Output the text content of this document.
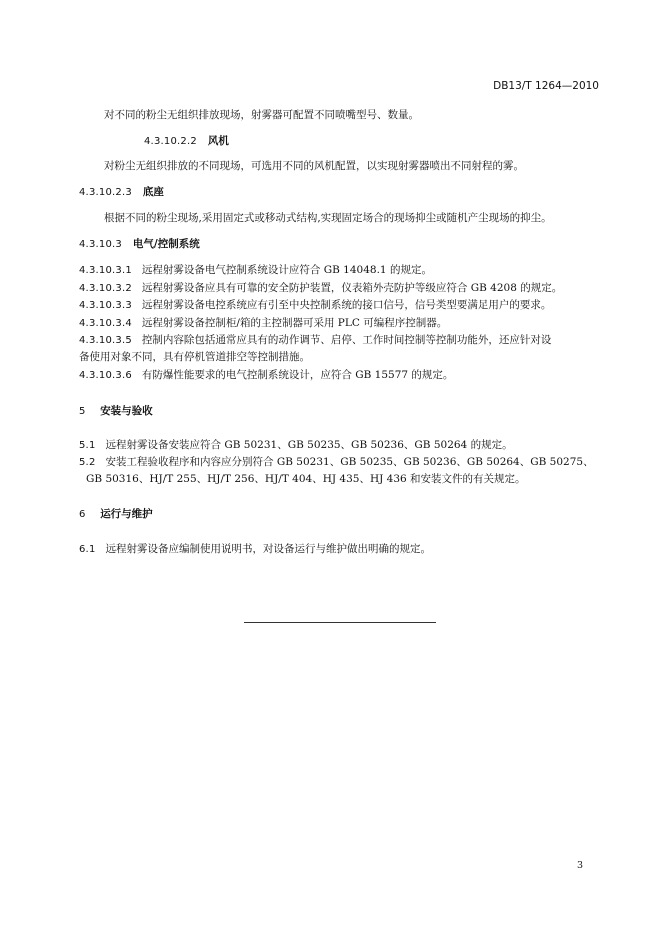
DB13/T 1264—2010
对不同的粉尘无组织排放现场，射雾器可配置不同喷嘴型号、数量。
4.3.10.2.2 风机
对粉尘无组织排放的不同现场，可选用不同的风机配置，以实现射雾器喷出不同射程的雾。
4.3.10.2.3 底座
根据不同的粉尘现场,采用固定式或移动式结构,实现固定场合的现场抑尘或随机产尘现场的抑尘。
4.3.10.3 电气/控制系统
4.3.10.3.1 远程射雾设备电气控制系统设计应符合 GB 14048.1 的规定。
4.3.10.3.2 远程射雾设备应具有可靠的安全防护装置，仪表箱外壳防护等级应符合 GB 4208 的规定。
4.3.10.3.3 远程射雾设备电控系统应有引至中央控制系统的接口信号，信号类型要满足用户的要求。
4.3.10.3.4 远程射雾设备控制柜/箱的主控制器可采用 PLC 可编程序控制器。
4.3.10.3.5 控制内容除包括通常应具有的动作调节、启停、工作时间控制等控制功能外，还应针对设
备使用对象不同，具有停机管道排空等控制措施。
4.3.10.3.6 有防爆性能要求的电气控制系统设计，应符合 GB 15577 的规定。
5 安装与验收
5.1 远程射雾设备安装应符合 GB 50231、GB 50235、GB 50236、GB 50264 的规定。
5.2 安装工程验收程序和内容应分别符合 GB 50231、GB 50235、GB 50236、GB 50264、GB 50275、
GB 50316、HJ/T 255、HJ/T 256、HJ/T 404、HJ 435、HJ 436 和安装文件的有关规定。
6 运行与维护
6.1 远程射雾设备应编制使用说明书，对设备运行与维护做出明确的规定。
3
